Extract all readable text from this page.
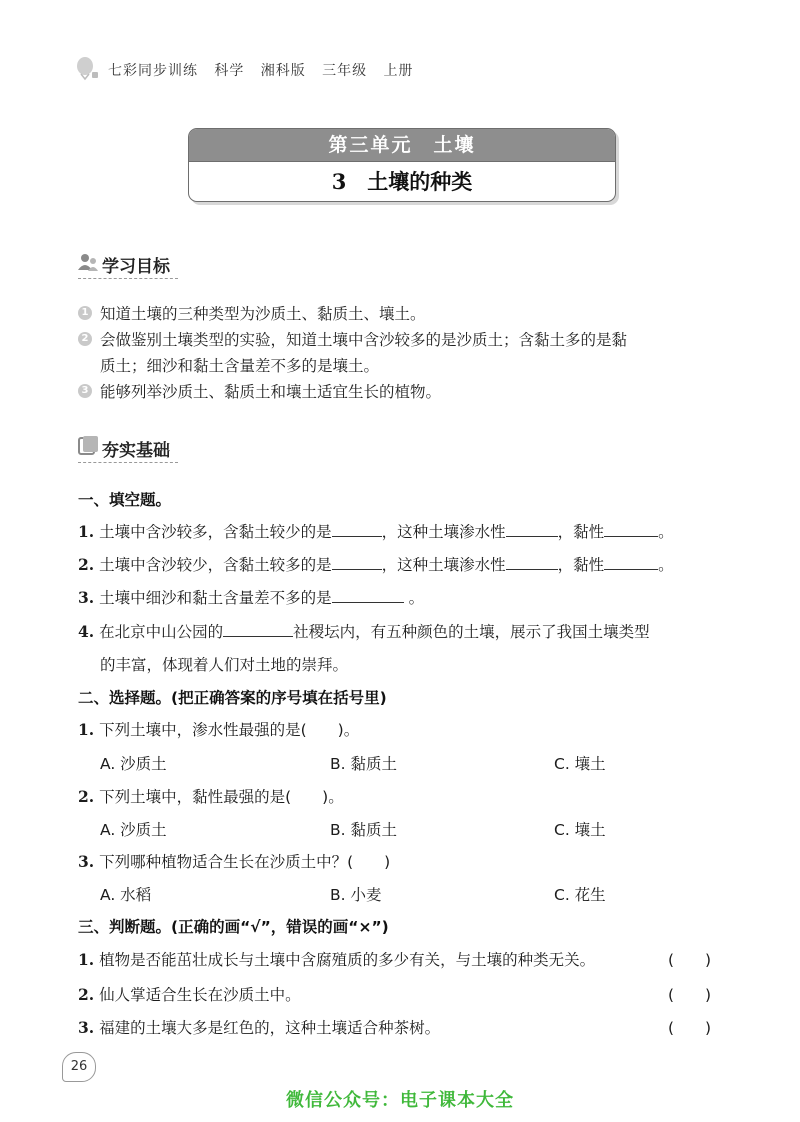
七彩同步训练 科学 湘科版 三年级 上册
第三单元　土壤
3　土壤的种类
学习目标
1 知道土壤的三种类型为沙质土、黏质土、壤土。
2 会做鉴别土壤类型的实验，知道土壤中含沙较多的是沙质土；含黏土多的是黏
质土；细沙和黏土含量差不多的是壤土。
3 能够列举沙质土、黏质土和壤土适宜生长的植物。
夯实基础
一、填空题。
1. 土壤中含沙较多，含黏土较少的是	，这种土壤渗水性	，黏性	。
2. 土壤中含沙较少，含黏土较多的是	，这种土壤渗水性	，黏性	。
3. 土壤中细沙和黏土含量差不多的是	。
4. 在北京中山公园的	社稷坛内，有五种颜色的土壤，展示了我国土壤类型
的丰富，体现着人们对土地的崇拜。
二、选择题。(把正确答案的序号填在括号里)
1. 下列土壤中，渗水性最强的是(　　)。
A. 沙质土	B. 黏质土	C. 壤土
2. 下列土壤中，黏性最强的是(　　)。
A. 沙质土	B. 黏质土	C. 壤土
3. 下列哪种植物适合生长在沙质土中？(　　)
A. 水稻	B. 小麦	C. 花生
三、判断题。(正确的画“√”，错误的画“×”)
1. 植物是否能茁壮成长与土壤中含腐殖质的多少有关，与土壤的种类无关。	(　　)
2. 仙人掌适合生长在沙质土中。	(　　)
3. 福建的土壤大多是红色的，这种土壤适合种茶树。	(　　)
26
微信公众号：电子课本大全
